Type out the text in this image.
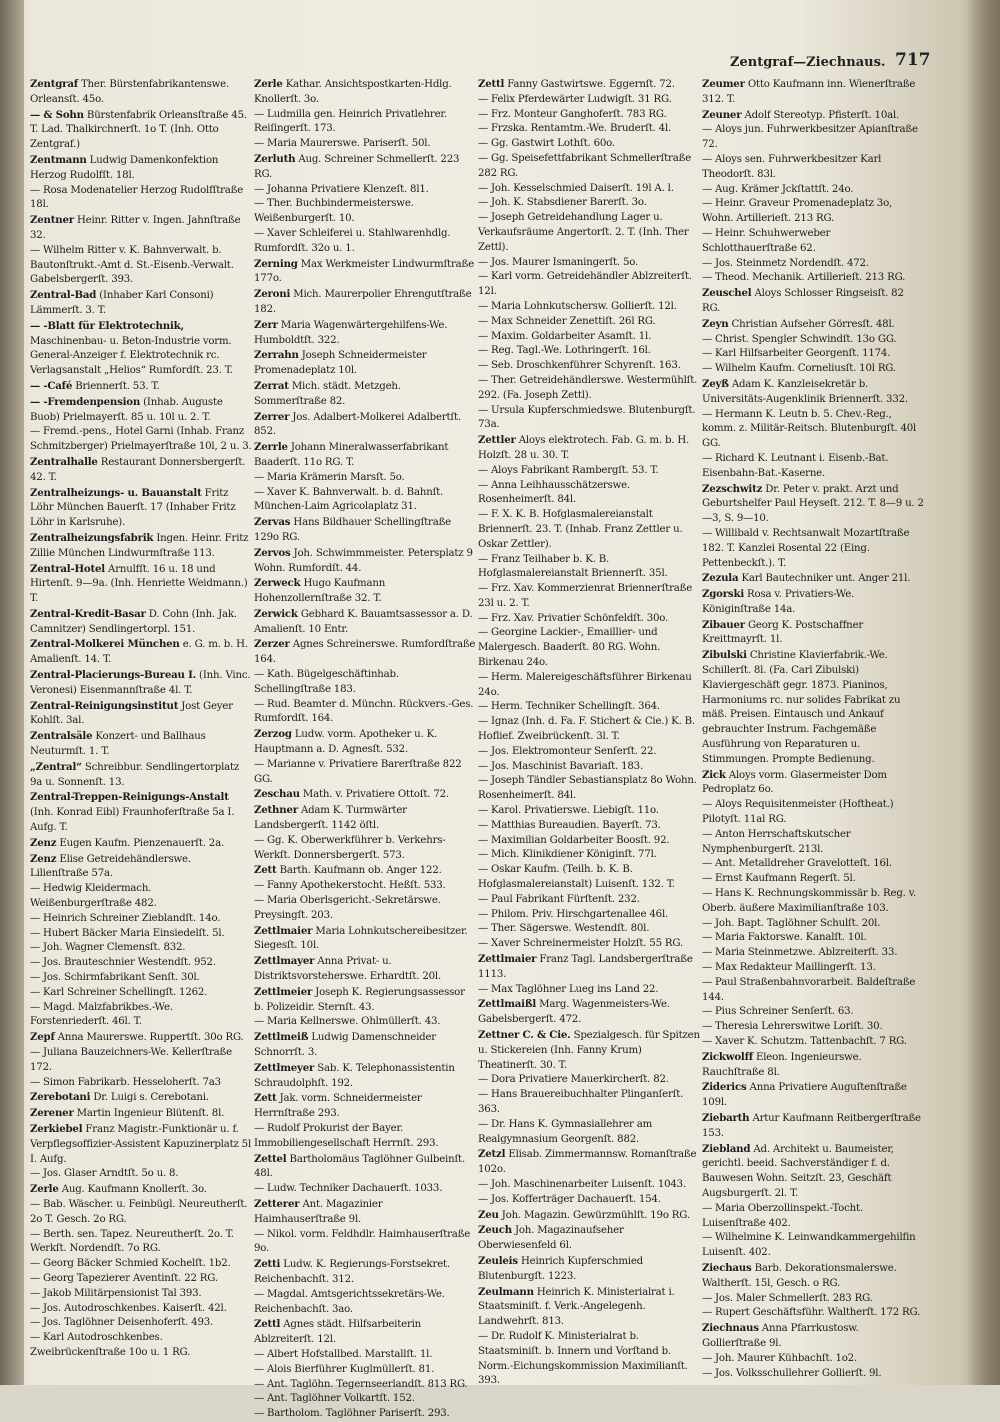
Zentgraf—Ziechnaus. 717
Zentgraf Ther. Bürstenfabrikantenswe. Orleansſt. 45o.
— & Sohn Bürstenfabrik Orleansſtraße 45. T. Lad. Thalkirchnerſt. 1o T. (Inh. Otto Zentgraf.)
Zentmann Ludwig Damenkonfektion Herzog Rudolfſt. 18l.
— Rosa Modenatelier Herzog Rudolfſtraße 18l.
Zentner Heinr. Ritter v. Ingen. Jahnſtraße 32.
— Wilhelm Ritter v. K. Bahnverwalt. b. Bautonſtrukt.-Amt d. St.-Eisenb.-Verwalt. Gabelsbergerſt. 393.
Zentral-Bad (Inhaber Karl Consoni) Lämmerſt. 3. T.
— -Blatt für Elektrotechnik, Maschinenbau- u. Beton-Industrie vorm. General-Anzeiger f. Elektrotechnik rc. Verlagsanstalt „Helios“ Rumfordſt. 23. T.
— -Café Briennerſt. 53. T.
— -Fremdenpension (Inhab. Auguste Buob) Prielmayerſt. 85 u. 10l u. 2. T.
— Fremd.-pens., Hotel Garni (Inhab. Franz Schmitzberger) Prielmayerſtraße 10l, 2 u. 3.
Zentralhalle Restaurant Donnersbergerſt. 42. T.
Zentralheizungs- u. Bauanstalt Fritz Löhr München Bauerſt. 17 (Inhaber Fritz Löhr in Karlsruhe).
Zentralheizungsfabrik Ingen. Heinr. Fritz Zillie München Lindwurmſtraße 113.
Zentral-Hotel Arnulfſt. 16 u. 18 und Hirtenſt. 9—9a. (Inh. Henriette Weidmann.) T.
Zentral-Kredit-Basar D. Cohn (Inh. Jak. Camnitzer) Sendlingertorpl. 151.
Zentral-Molkerei München e. G. m. b. H. Amalienſt. 14. T.
Zentral-Placierungs-Bureau I. (Inh. Vinc. Veronesi) Eisenmannſtraße 4l. T.
Zentral-Reinigungsinstitut Jost Geyer Kohlſt. 3al.
Zentralsäle Konzert- und Ballhaus Neuturmſt. 1. T.
„Zentral“ Schreibbur. Sendlingertorplatz 9a u. Sonnenſt. 13.
Zentral-Treppen-Reinigungs-Anstalt (Inh. Konrad Eibl) Fraunhoferſtraße 5a I. Aufg. T.
Zenz Eugen Kaufm. Pienzenauerſt. 2a.
Zenz Elise Getreidehändlerswe. Lilienſtraße 57a.
— Hedwig Kleidermach. Weißenburgerſtraße 482.
— Heinrich Schreiner Zieblandſt. 14o.
— Hubert Bäcker Maria Einsiedelſt. 5l.
— Joh. Wagner Clemensſt. 832.
— Jos. Brauteschnier Westendſt. 952.
— Jos. Schirmfabrikant Senſt. 30l.
— Karl Schreiner Schellingſt. 1262.
— Magd. Malzfabrikbes.-We. Forstenriederſt. 46l. T.
Zepf Anna Maurerswe. Ruppertſt. 30o RG.
— Juliana Bauzeichners-We. Kellerſtraße 172.
— Simon Fabrikarb. Hesseloherſt. 7a3
Zerebotani Dr. Luigi s. Cerebotani.
Zerener Martin Ingenieur Blütenſt. 8l.
Zerkiebel Franz Magistr.-Funktionär u. f. Verpflegsoffizier-Assistent Kapuzinerplatz 5l I. Aufg.
— Jos. Glaser Arndtſt. 5o u. 8.
Zerle Aug. Kaufmann Knollerſt. 3o.
— Bab. Wäscher. u. Feinbügl. Neureutherſt. 2o T. Gesch. 2o RG.
— Berth. sen. Tapez. Neureutherſt. 2o. T. Werkſt. Nordendſt. 7o RG.
— Georg Bäcker Schmied Kochelſt. 1b2.
— Georg Tapezierer Aventinſt. 22 RG.
— Jakob Militärpensionist Tal 393.
— Jos. Autodroschkenbes. Kaiserſt. 42l.
— Jos. Taglöhner Deisenhoferſt. 493.
— Karl Autodroschkenbes. Zweibrückenſtraße 10o u. 1 RG.
Zerle Kathar. Ansichtspostkarten-Hdlg. Knollerſt. 3o.
— Ludmilla gen. Heinrich Privatlehrer. Reiſingerſt. 173.
— Maria Maurerswe. Pariserſt. 50l.
Zerluth Aug. Schreiner Schmellerſt. 223 RG.
— Johanna Privatiere Klenzeſt. 8l1.
— Ther. Buchbindermeisterswe. Weißenburgerſt. 10.
— Xaver Schleiferei u. Stahlwarenhdlg. Rumfordſt. 32o u. 1.
Zerning Max Werkmeister Lindwurmſtraße 177o.
Zeroni Mich. Maurerpolier Ehrengutſtraße 182.
Zerr Maria Wagenwärtergehilfens-We. Humboldtſt. 322.
Zerrahn Joseph Schneidermeister Promenadeplatz 10l.
Zerrat Mich. städt. Metzgeh. Sommerſtraße 82.
Zerrer Jos. Adalbert-Molkerei Adalbertſt. 852.
Zerrle Johann Mineralwasserfabrikant Baaderſt. 11o RG. T.
— Maria Krämerin Marsſt. 5o.
— Xaver K. Bahnverwalt. b. d. Bahnſt. München-Laim Agricolaplatz 31.
Zervas Hans Bildhauer Schellingſtraße 129o RG.
Zervos Joh. Schwimmmeister. Petersplatz 9 Wohn. Rumfordſt. 44.
Zerweck Hugo Kaufmann Hohenzollernſtraße 32. T.
Zerwick Gebhard K. Bauamtsassessor a. D. Amalienſt. 10 Entr.
Zerzer Agnes Schreinerswe. Rumfordſtraße 164.
— Kath. Bügelgeschäftinhab. Schellingſtraße 183.
— Rud. Beamter d. Münchn. Rückvers.-Ges. Rumfordſt. 164.
Zerzog Ludw. vorm. Apotheker u. K. Hauptmann a. D. Agnesſt. 532.
— Marianne v. Privatiere Barerſtraße 822 GG.
Zeschau Math. v. Privatiere Ottoſt. 72.
Zethner Adam K. Turmwärter Landsbergerſt. 1142 öſtl.
— Gg. K. Oberwerkführer b. Verkehrs-Werkſt. Donnersbergerſt. 573.
Zett Barth. Kaufmann ob. Anger 122.
— Fanny Apothekerstocht. Heßſt. 533.
— Maria Oberlsgericht.-Sekretärswe. Preysingſt. 203.
Zettlmaier Maria Lohnkutschereibesitzer. Siegesſt. 10l.
Zettlmayer Anna Privat- u. Distriktsvorsteherswe. Erhardtſt. 20l.
Zettlmeier Joseph K. Regierungsassessor b. Polizeidir. Sternſt. 43.
— Maria Kellnerswe. Ohlmüllerſt. 43.
Zettlmeiß Ludwig Damenschneider Schnorrſt. 3.
Zettlmeyer Sab. K. Telephonassistentin Schraudolphſt. 192.
Zett Jak. vorm. Schneidermeister Herrnſtraße 293.
— Rudolf Prokurist der Bayer. Immobiliengesellschaft Herrnſt. 293.
Zettel Bartholomäus Taglöhner Gulbeinſt. 48l.
— Ludw. Techniker Dachauerſt. 1033.
Zetterer Ant. Magazinier Haimhauserſtraße 9l.
— Nikol. vorm. Feldhdlr. Haimhauserſtraße 9o.
Zetti Ludw. K. Regierungs-Forstsekret. Reichenbachſt. 312.
— Magdal. Amtsgerichtssekretärs-We. Reichenbachſt. 3ao.
Zettl Agnes städt. Hilfsarbeiterin Ablzreiterſt. 12l.
— Albert Hofstallbed. Marstallſt. 1l.
— Alois Bierführer Kuglmüllerſt. 81.
— Ant. Taglöhn. Tegernseerlandſt. 813 RG.
— Ant. Taglöhner Volkartſt. 152.
— Bartholom. Taglöhner Pariserſt. 293.
Zettl Fanny Gastwirtswe. Eggernſt. 72.
— Felix Pferdewärter Ludwigſt. 31 RG.
— Frz. Monteur Ganghoferſt. 783 RG.
— Frzska. Rentamtm.-We. Bruderſt. 4l.
— Gg. Gastwirt Lothſt. 60o.
— Gg. Speisefettfabrikant Schmellerſtraße 282 RG.
— Joh. Kesselschmied Daiserſt. 19l A. l.
— Joh. K. Stabsdiener Barerſt. 3o.
— Joseph Getreidehandlung Lager u. Verkaufsräume Angertorſt. 2. T. (Inh. Ther Zettl).
— Jos. Maurer Ismaningerſt. 5o.
— Karl vorm. Getreidehändler Ablzreiterſt. 12l.
— Maria Lohnkutschersw. Gollierſt. 12l.
— Max Schneider Zenettiſt. 26l RG.
— Maxim. Goldarbeiter Asamſt. 1l.
— Reg. Tagl.-We. Lothringerſt. 16l.
— Seb. Droschkenführer Schyrenſt. 163.
— Ther. Getreidehändlerswe. Westermühlſt. 292. (Fa. Joseph Zettl).
— Ursula Kupferschmiedswe. Blutenburgſt. 73a.
Zettler Aloys elektrotech. Fab. G. m. b. H. Holzſt. 28 u. 30. T.
— Aloys Fabrikant Rambergſt. 53. T.
— Anna Leihhausschätzerswe. Rosenheimerſt. 84l.
— F. X. K. B. Hofglasmalereianstalt Briennerſt. 23. T. (Inhab. Franz Zettler u. Oskar Zettler).
— Franz Teilhaber b. K. B. Hofglasmalereianstalt Briennerſt. 35l.
— Frz. Xav. Kommerzienrat Briennerſtraße 23l u. 2. T.
— Frz. Xav. Privatier Schönfeldſt. 30o.
— Georgine Lackier-, Emaillier- und Malergesch. Baaderſt. 80 RG. Wohn. Birkenau 24o.
— Herm. Malereigeschäftsführer Birkenau 24o.
— Herm. Techniker Schellingſt. 364.
— Ignaz (Inh. d. Fa. F. Stichert & Cie.) K. B. Hoflief. Zweibrückenſt. 3l. T.
— Jos. Elektromonteur Senſerſt. 22.
— Jos. Maschinist Bavariaſt. 183.
— Joseph Tändler Sebastiansplatz 8o Wohn. Rosenheimerſt. 84l.
— Karol. Privatierswe. Liebigſt. 11o.
— Matthias Bureaudien. Bayerſt. 73.
— Maximilian Goldarbeiter Boosſt. 92.
— Mich. Klinikdiener Königinſt. 77l.
— Oskar Kaufm. (Teilh. b. K. B. Hofglasmalereianstalt) Luisenſt. 132. T.
— Paul Fabrikant Fürſtenſt. 232.
— Philom. Priv. Hirschgartenallee 46l.
— Ther. Sägerswe. Westendſt. 80l.
— Xaver Schreinermeister Holzſt. 55 RG.
Zettlmaier Franz Tagl. Landsbergerſtraße 1113.
— Max Taglöhner Lueg ins Land 22.
Zettlmaißl Marg. Wagenmeisters-We. Gabelsbergerſt. 472.
Zettner C. & Cie. Spezialgesch. für Spitzen u. Stickereien (Inh. Fanny Krum) Theatinerſt. 30. T.
— Dora Privatiere Mauerkircherſt. 82.
— Hans Brauereibuchhalter Plinganſerſt. 363.
— Dr. Hans K. Gymnasiallehrer am Realgymnasium Georgenſt. 882.
Zetzl Elisab. Zimmermannsw. Romanſtraße 102o.
— Joh. Maschinenarbeiter Luisenſt. 1043.
— Jos. Kofferträger Dachauerſt. 154.
Zeu Joh. Magazin. Gewürzmühlſt. 19o RG.
Zeuch Joh. Magazinaufseher Oberwiesenfeld 6l.
Zeuleis Heinrich Kupferschmied Blutenburgſt. 1223.
Zeulmann Heinrich K. Ministerialrat i. Staatsminiſt. f. Verk.-Angelegenh. Landwehrſt. 813.
— Dr. Rudolf K. Ministerialrat b. Staatsminiſt. b. Innern und Vorſtand b. Norm.-Eichungskommission Maximilianſt. 393.
Zeumer Otto Kaufmann inn. Wienerſtraße 312. T.
Zeuner Adolf Stereotyp. Pfisterſt. 10al.
— Aloys jun. Fuhrwerkbesitzer Apianſtraße 72.
— Aloys sen. Fuhrwerkbesitzer Karl Theodorſt. 83l.
— Aug. Krämer Jckſtattſt. 24o.
— Heinr. Graveur Promenadeplatz 3o, Wohn. Artillerieſt. 213 RG.
— Heinr. Schuhwerweber Schlotthauerſtraße 62.
— Jos. Steinmetz Nordendſt. 472.
— Theod. Mechanik. Artillerieſt. 213 RG.
Zeuschel Aloys Schlosser Ringseisſt. 82 RG.
Zeyn Christian Aufseher Görresſt. 48l.
— Christ. Spengler Schwindſt. 13o GG.
— Karl Hilfsarbeiter Georgenſt. 1174.
— Wilhelm Kaufm. Corneliusſt. 10l RG.
Zeyß Adam K. Kanzleisekretär b. Universitäts-Augenklinik Briennerſt. 332.
— Hermann K. Leutn b. 5. Chev.-Reg., komm. z. Militär-Reitsch. Blutenburgſt. 40l GG.
— Richard K. Leutnant i. Eisenb.-Bat. Eisenbahn-Bat.-Kaserne.
Zezschwitz Dr. Peter v. prakt. Arzt und Geburtshelfer Paul Heyseſt. 212. T. 8—9 u. 2—3, S. 9—10.
— Willibald v. Rechtsanwalt Mozartſtraße 182. T. Kanzlei Rosental 22 (Eing. Pettenbeckſt.). T.
Zezula Karl Bautechniker unt. Anger 21l.
Zgorski Rosa v. Privatiers-We. Königinſtraße 14a.
Zibauer Georg K. Postschaffner Kreittmayrſt. 1l.
Zibulski Christine Klavierfabrik.-We. Schillerſt. 8l. (Fa. Carl Zibulski) Klaviergeschäft gegr. 1873. Pianinos, Harmoniums rc. nur solides Fabrikat zu mäß. Preisen. Eintausch und Ankauf gebrauchter Instrum. Fachgemäße Ausführung von Reparaturen u. Stimmungen. Prompte Bedienung.
Zick Aloys vorm. Glasermeister Dom Pedroplatz 6o.
— Aloys Requisitenmeister (Hoftheat.) Pilotyſt. 11al RG.
— Anton Herrschaftskutscher Nymphenburgerſt. 213l.
— Ant. Metalldreher Gravelotteſt. 16l.
— Ernst Kaufmann Regerſt. 5l.
— Hans K. Rechnungskommissär b. Reg. v. Oberb. äußere Maximilianſtraße 103.
— Joh. Bapt. Taglöhner Schulſt. 20l.
— Maria Faktorswe. Kanalſt. 10l.
— Maria Steinmetzwe. Ablzreiterſt. 33.
— Max Redakteur Maillingerſt. 13.
— Paul Straßenbahnvorarbeit. Baldeſtraße 144.
— Pius Schreiner Senſerſt. 63.
— Theresia Lehrerswitwe Loriſt. 30.
— Xaver K. Schutzm. Tattenbachſt. 7 RG.
Zickwolff Eleon. Ingenieurswe. Rauchſtraße 8l.
Ziderics Anna Privatiere Auguſtenſtraße 109l.
Ziebarth Artur Kaufmann Reitbergerſtraße 153.
Ziebland Ad. Architekt u. Baumeister, gerichtl. beeid. Sachverständiger f. d. Bauwesen Wohn. Seitzſt. 23, Geschäft Augsburgerſt. 2l. T.
— Maria Oberzollinspekt.-Tocht. Luisenſtraße 402.
— Wilhelmine K. Leinwandkammergehilfin Luisenſt. 402.
Ziechaus Barb. Dekorationsmalerswe. Waltherſt. 15l, Gesch. o RG.
— Jos. Maler Schmellerſt. 283 RG.
— Rupert Geschäftsführ. Waltherſt. 172 RG.
Ziechnaus Anna Pfarrkustosw. Gollierſtraße 9l.
— Joh. Maurer Kühbachſt. 1o2.
— Jos. Volksschullehrer Gollierſt. 9l.
